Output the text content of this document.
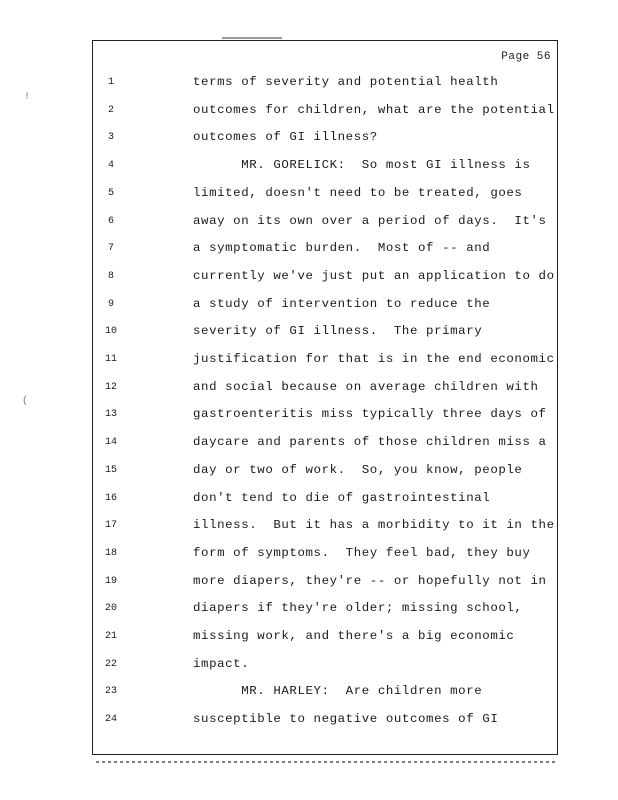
!
(
Page 56
1	terms of severity and potential health
2	outcomes for children, what are the potential
3	outcomes of GI illness?
4	MR. GORELICK:  So most GI illness is
5	limited, doesn't need to be treated, goes
6	away on its own over a period of days.  It's
7	a symptomatic burden.  Most of -- and
8	currently we've just put an application to do
9	a study of intervention to reduce the
10	severity of GI illness.  The primary
11	justification for that is in the end economic
12	and social because on average children with
13	gastroenteritis miss typically three days of
14	daycare and parents of those children miss a
15	day or two of work.  So, you know, people
16	don't tend to die of gastrointestinal
17	illness.  But it has a morbidity to it in the
18	form of symptoms.  They feel bad, they buy
19	more diapers, they're -- or hopefully not in
20	diapers if they're older; missing school,
21	missing work, and there's a big economic
22	impact.
23	MR. HARLEY:  Are children more
24	susceptible to negative outcomes of GI
